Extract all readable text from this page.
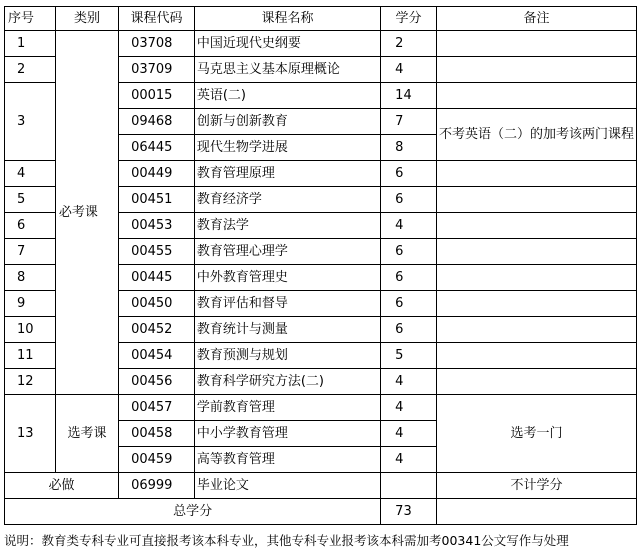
序号	类别	课程代码	课程名称	学分	备注
1	必考课	03708	中国近现代史纲要	2	
2		03709	马克思主义基本原理概论	4	
3		00015	英语(二)	14	
		09468	创新与创新教育	7	不考英语（二）的加考该两门课程

		06445	现代生物学进展	8	
4		00449	教育管理原理	6	
5		00451	教育经济学	6	
6		00453	教育法学	4	
7		00455	教育管理心理学	6	
8		00445	中外教育管理史	6	
9		00450	教育评估和督导	6	
10		00452	教育统计与测量	6	
11		00454	教育预测与规划	5	
12		00456	教育科学研究方法(二)	4	
13	选考课	00457	学前教育管理	4	选考一门
		00458	中小学教育管理	4	
		00459	高等教育管理	4	
必做		06999	毕业论文		不计学分
总学分				73	
说明：教育类专科专业可直接报考该本科专业，其他专科专业报考该本科需加考00341公文写作与处理
